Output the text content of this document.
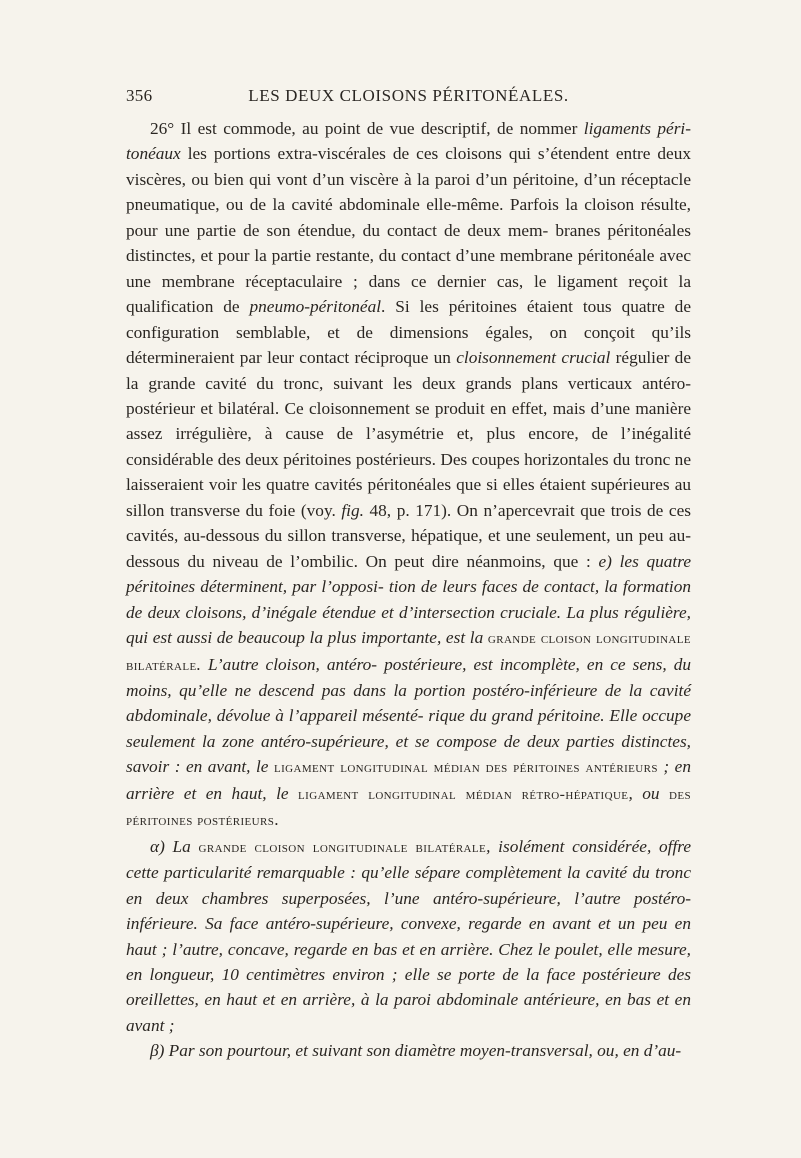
356	LES DEUX CLOISONS PÉRITONÉALES.

26° Il est commode, au point de vue descriptif, de nommer ligaments péri- tonéaux les portions extra-viscérales de ces cloisons qui s’étendent entre deux viscères, ou bien qui vont d’un viscère à la paroi d’un péritoine, d’un réceptacle pneumatique, ou de la cavité abdominale elle-même. Parfois la cloison résulte, pour une partie de son étendue, du contact de deux mem- branes péritonéales distinctes, et pour la partie restante, du contact d’une membrane péritonéale avec une membrane réceptaculaire ; dans ce dernier cas, le ligament reçoit la qualification de pneumo-péritonéal. Si les péritoines étaient tous quatre de configuration semblable, et de dimensions égales, on conçoit qu’ils détermineraient par leur contact réciproque un cloisonnement crucial régulier de la grande cavité du tronc, suivant les deux grands plans verticaux antéro-postérieur et bilatéral. Ce cloisonnement se produit en effet, mais d’une manière assez irrégulière, à cause de l’asymétrie et, plus encore, de l’inégalité considérable des deux péritoines postérieurs. Des coupes horizontales du tronc ne laisseraient voir les quatre cavités péritonéales que si elles étaient supérieures au sillon transverse du foie (voy. fig. 48, p. 171). On n’apercevrait que trois de ces cavités, au-dessous du sillon transverse, hépatique, et une seulement, un peu au-dessous du niveau de l’ombilic. On peut dire néanmoins, que : e) les quatre péritoines déterminent, par l’opposi- tion de leurs faces de contact, la formation de deux cloisons, d’inégale étendue et d’intersection cruciale. La plus régulière, qui est aussi de beaucoup la plus importante, est la grande cloison longitudinale bilatérale. L’autre cloison, antéro- postérieure, est incomplète, en ce sens, du moins, qu’elle ne descend pas dans la portion postéro-inférieure de la cavité abdominale, dévolue à l’appareil mésenté- rique du grand péritoine. Elle occupe seulement la zone antéro-supérieure, et se compose de deux parties distinctes, savoir : en avant, le ligament longitudinal médian des péritoines antérieurs ; en arrière et en haut, le ligament longitudinal médian rétro-hépatique, ou des péritoines postérieurs.

α) La grande cloison longitudinale bilatérale, isolément considérée, offre cette particularité remarquable : qu’elle sépare complètement la cavité du tronc en deux chambres superposées, l’une antéro-supérieure, l’autre postéro-inférieure. Sa face antéro-supérieure, convexe, regarde en avant et un peu en haut ; l’autre, concave, regarde en bas et en arrière. Chez le poulet, elle mesure, en longueur, 10 centimètres environ ; elle se porte de la face postérieure des oreillettes, en haut et en arrière, à la paroi abdominale antérieure, en bas et en avant ;

β) Par son pourtour, et suivant son diamètre moyen-transversal, ou, en d’au-
